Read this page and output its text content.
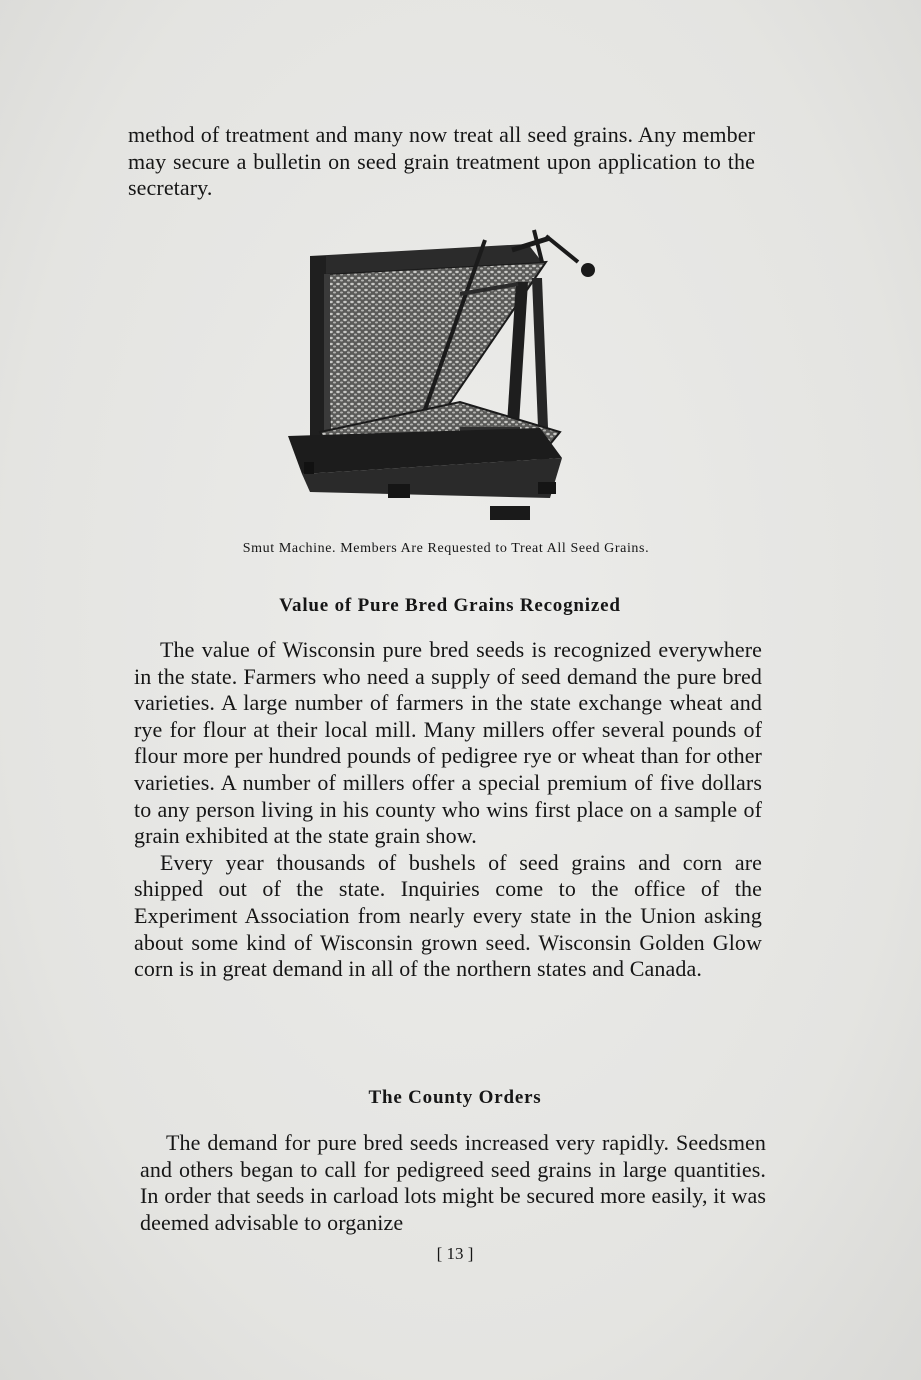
method of treatment and many now treat all seed grains. Any member may secure a bulletin on seed grain treatment upon application to the secretary.

Smut Machine. Members Are Requested to Treat All Seed Grains.
Value of Pure Bred Grains Recognized

The value of Wisconsin pure bred seeds is recognized everywhere in the state. Farmers who need a supply of seed demand the pure bred varieties. A large number of farmers in the state exchange wheat and rye for flour at their local mill. Many millers offer several pounds of flour more per hundred pounds of pedigree rye or wheat than for other varieties. A number of millers offer a special premium of five dollars to any person living in his county who wins first place on a sample of grain exhibited at the state grain show.

Every year thousands of bushels of seed grains and corn are shipped out of the state. Inquiries come to the office of the Experiment Association from nearly every state in the Union asking about some kind of Wisconsin grown seed. Wisconsin Golden Glow corn is in great demand in all of the northern states and Canada.

The County Orders

The demand for pure bred seeds increased very rapidly. Seedsmen and others began to call for pedigreed seed grains in large quantities. In order that seeds in carload lots might be secured more easily, it was deemed advisable to organize

[ 13 ]
